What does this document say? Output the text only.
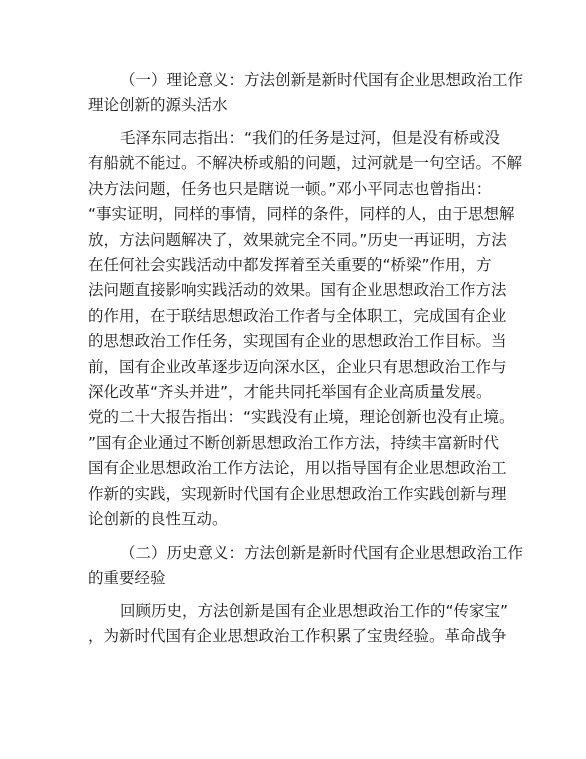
（一）理论意义：方法创新是新时代国有企业思想政治工作
理论创新的源头活水
毛泽东同志指出：“我们的任务是过河，但是没有桥或没
有船就不能过。不解决桥或船的问题，过河就是一句空话。不解
决方法问题，任务也只是瞎说一顿。”邓小平同志也曾指出：
“事实证明，同样的事情，同样的条件，同样的人，由于思想解
放，方法问题解决了，效果就完全不同。”历史一再证明，方法
在任何社会实践活动中都发挥着至关重要的“桥梁”作用，方
法问题直接影响实践活动的效果。国有企业思想政治工作方法
的作用，在于联结思想政治工作者与全体职工，完成国有企业
的思想政治工作任务，实现国有企业的思想政治工作目标。当
前，国有企业改革逐步迈向深水区，企业只有思想政治工作与
深化改革“齐头并进”，才能共同托举国有企业高质量发展。
党的二十大报告指出：“实践没有止境，理论创新也没有止境。
”国有企业通过不断创新思想政治工作方法，持续丰富新时代
国有企业思想政治工作方法论，用以指导国有企业思想政治工
作新的实践，实现新时代国有企业思想政治工作实践创新与理
论创新的良性互动。
（二）历史意义：方法创新是新时代国有企业思想政治工作
的重要经验
回顾历史，方法创新是国有企业思想政治工作的“传家宝”
，为新时代国有企业思想政治工作积累了宝贵经验。革命战争
